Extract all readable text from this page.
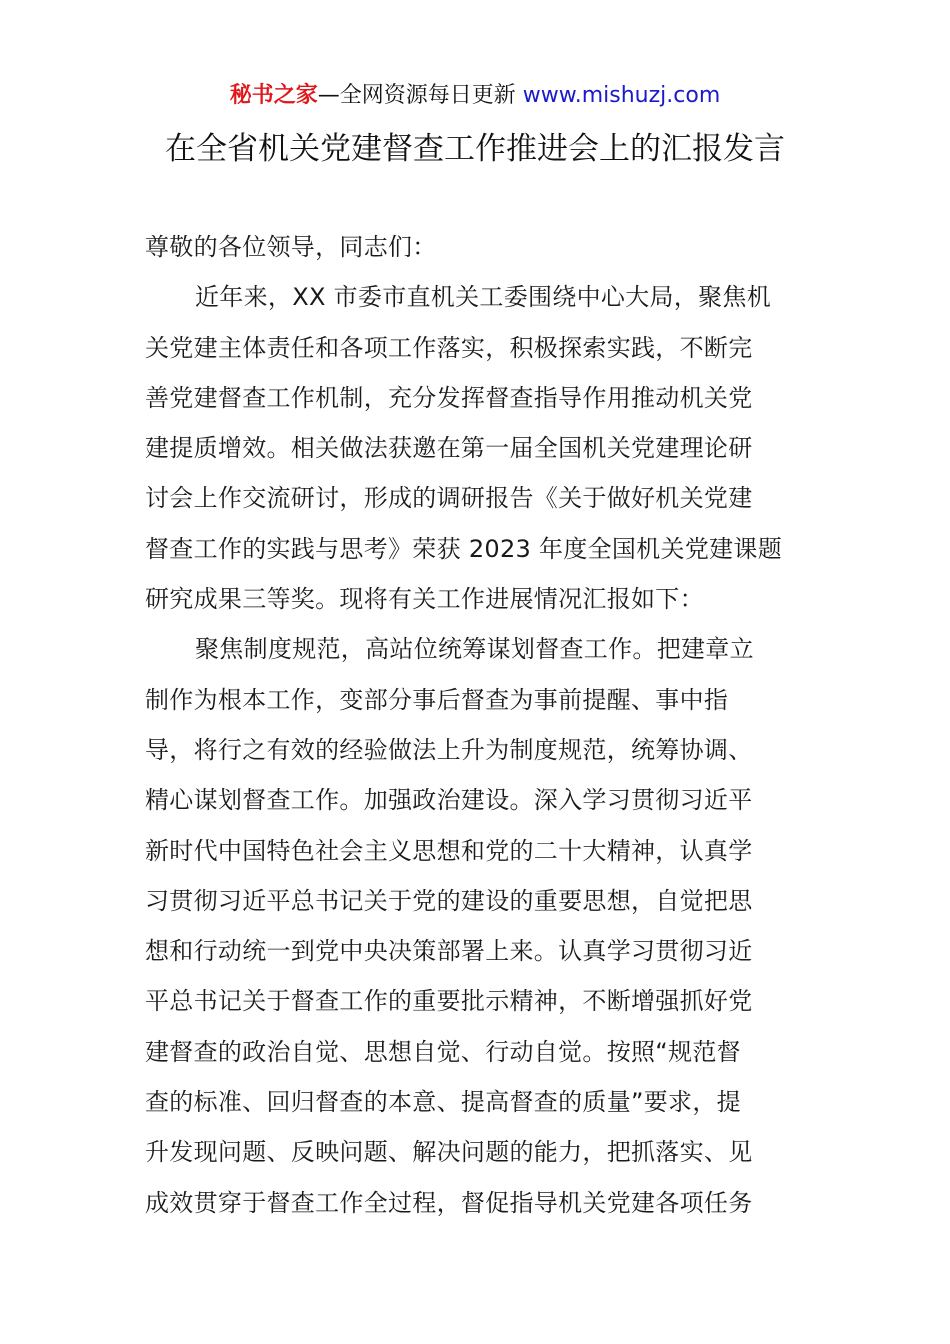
秘书之家—全网资源每日更新 www.mishuzj.com
在全省机关党建督查工作推进会上的汇报发言
尊敬的各位领导，同志们：
近年来，XX 市委市直机关工委围绕中心大局，聚焦机
关党建主体责任和各项工作落实，积极探索实践，不断完
善党建督查工作机制，充分发挥督查指导作用推动机关党
建提质增效。相关做法获邀在第一届全国机关党建理论研
讨会上作交流研讨，形成的调研报告《关于做好机关党建
督查工作的实践与思考》荣获 2023 年度全国机关党建课题
研究成果三等奖。现将有关工作进展情况汇报如下：
聚焦制度规范，高站位统筹谋划督查工作。把建章立
制作为根本工作，变部分事后督查为事前提醒、事中指
导，将行之有效的经验做法上升为制度规范，统筹协调、
精心谋划督查工作。加强政治建设。深入学习贯彻习近平
新时代中国特色社会主义思想和党的二十大精神，认真学
习贯彻习近平总书记关于党的建设的重要思想，自觉把思
想和行动统一到党中央决策部署上来。认真学习贯彻习近
平总书记关于督查工作的重要批示精神，不断增强抓好党
建督查的政治自觉、思想自觉、行动自觉。按照“规范督
查的标准、回归督查的本意、提高督查的质量”要求，提
升发现问题、反映问题、解决问题的能力，把抓落实、见
成效贯穿于督查工作全过程，督促指导机关党建各项任务
